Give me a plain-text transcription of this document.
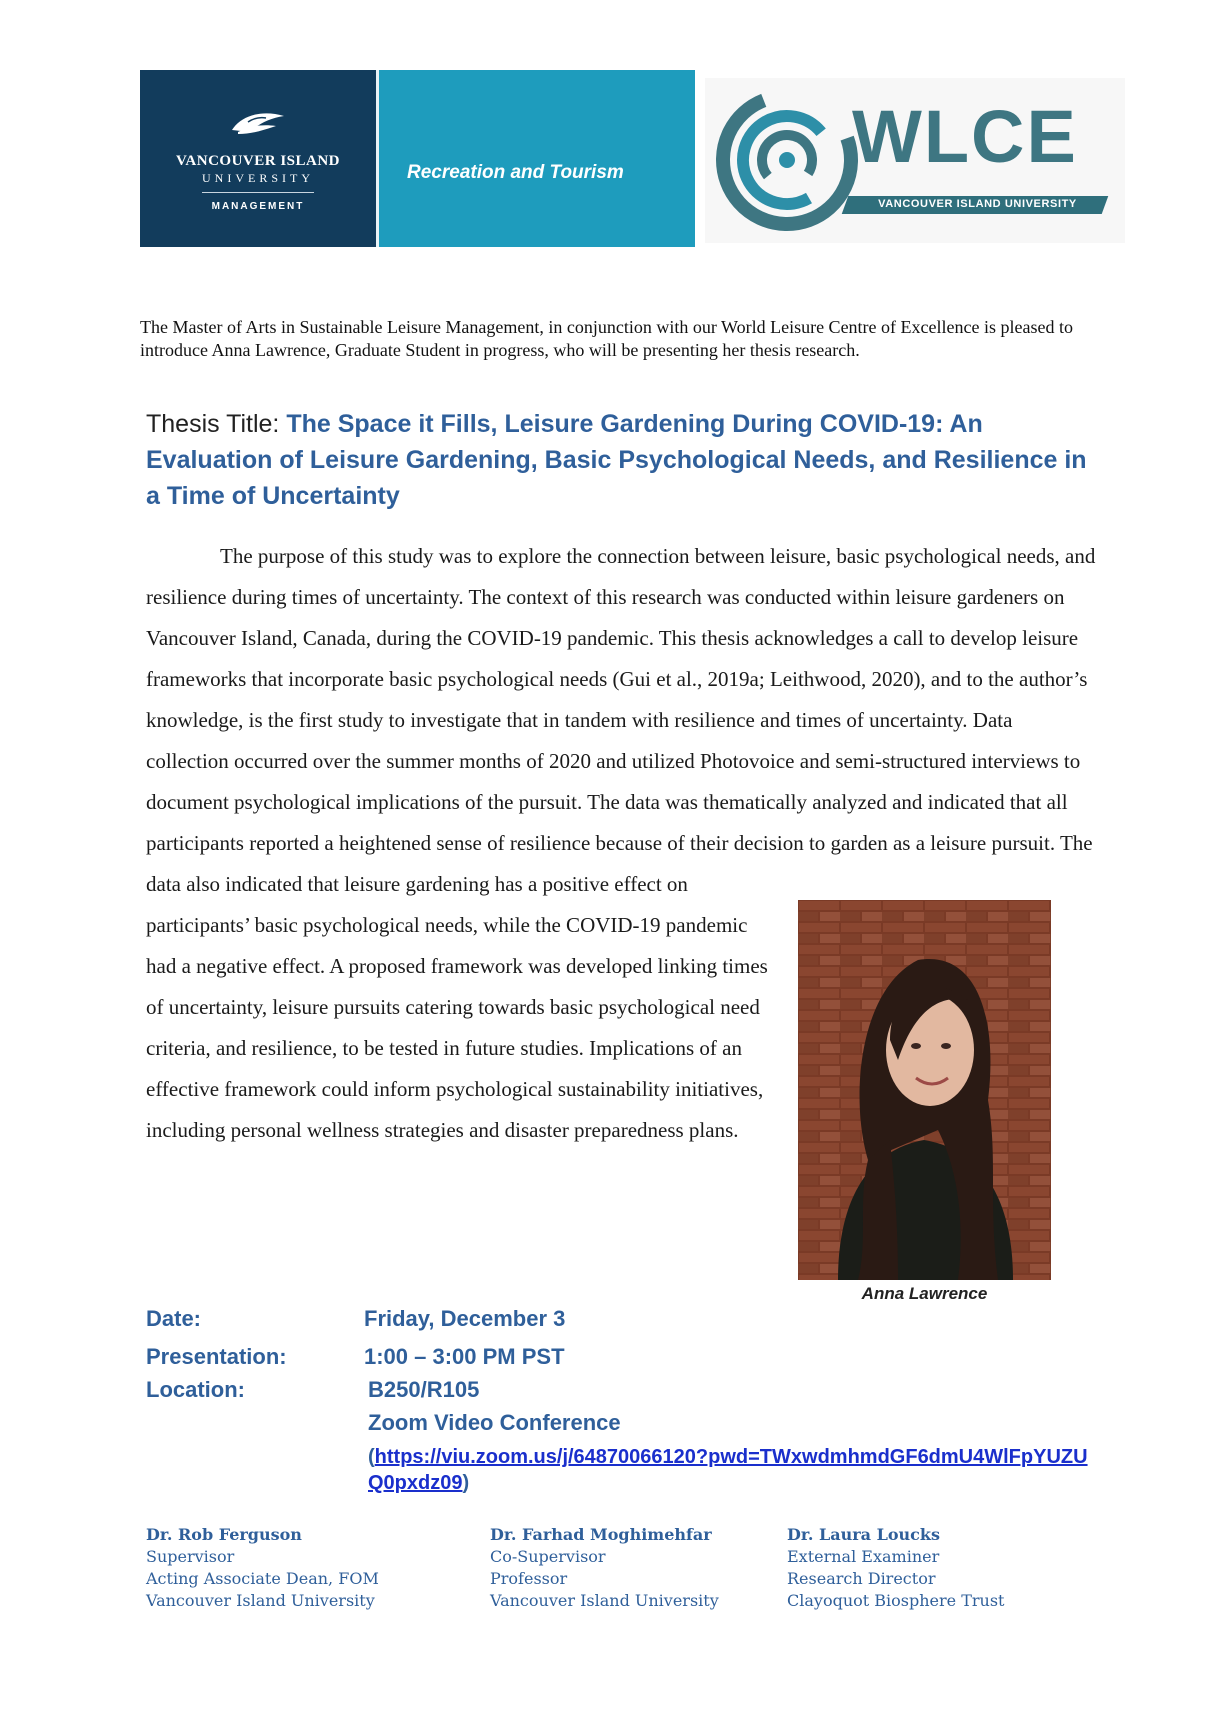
VANCOUVER ISLAND
UNIVERSITY
MANAGEMENT
Recreation and Tourism	WLCE
VANCOUVER ISLAND UNIVERSITY
The Master of Arts in Sustainable Leisure Management, in conjunction with our World Leisure Centre of Excellence is pleased to introduce Anna Lawrence, Graduate Student in progress, who will be presenting her thesis research.
Thesis Title: The Space it Fills, Leisure Gardening During COVID-19: An Evaluation of Leisure Gardening, Basic Psychological Needs, and Resilience in a Time of Uncertainty
The purpose of this study was to explore the connection between leisure, basic psychological needs, and resilience during times of uncertainty. The context of this research was conducted within leisure gardeners on Vancouver Island, Canada, during the COVID-19 pandemic. This thesis acknowledges a call to develop leisure frameworks that incorporate basic psychological needs (Gui et al., 2019a; Leithwood, 2020), and to the author’s knowledge, is the first study to investigate that in tandem with resilience and times of uncertainty. Data collection occurred over the summer months of 2020 and utilized Photovoice and semi-structured interviews to document psychological implications of the pursuit. The data was thematically analyzed and indicated that all participants reported a heightened sense of resilience because of their decision to garden as a leisure pursuit. The data also indicated that leisure gardening has a positive effect on participants’ basic psychological needs, while the COVID-19 pandemic had a negative effect. A proposed framework was developed linking times of uncertainty, leisure pursuits catering towards basic psychological need criteria, and resilience, to be tested in future studies. Implications of an effective framework could inform psychological sustainability initiatives, including personal wellness strategies and disaster preparedness plans.
Anna Lawrence
Date:	Friday, December 3
Presentation:	1:00 – 3:00 PM PST
Location:	B250/R105
Zoom Video Conference
(https://viu.zoom.us/j/64870066120?pwd=TWxwdmhmdGF6dmU4WlFpYUZUQ0pxdz09)
Dr. Rob Ferguson
Supervisor
Acting Associate Dean, FOM
Vancouver Island University
Dr. Farhad Moghimehfar
Co-Supervisor
Professor
Vancouver Island University
Dr. Laura Loucks
External Examiner
Research Director
Clayoquot Biosphere Trust
